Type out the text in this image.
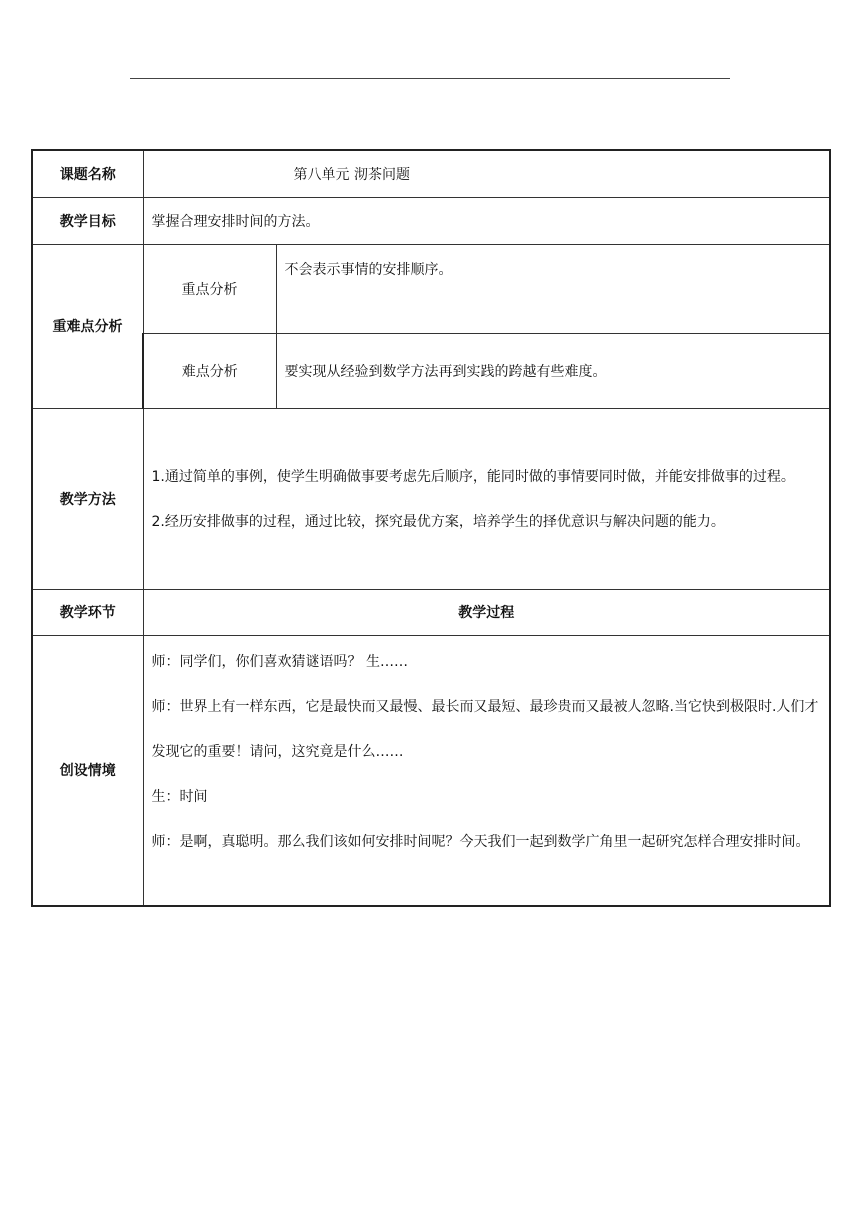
课题名称	第八单元 沏茶问题	

教学目标	掌握合理安排时间的方法。	
重难点分析	重点分析	不会表示事情的安排顺序。
	难点分析	要实现从经验到数学方法再到实践的跨越有些难度。
教学方法	1.通过简单的事例，使学生明确做事要考虑先后顺序，能同时做的事情要同时做，并能安排做事的过程。
2.经历安排做事的过程，通过比较，探究最优方案，培养学生的择优意识与解决问题的能力。	

教学环节	教学过程	
创设情境	师：同学们，你们喜欢猜谜语吗？ 生……
师：世界上有一样东西，它是最快而又最慢、最长而又最短、最珍贵而又最被人忽略.当它快到极限时.人们才发现它的重要！请问，这究竟是什么……
生：时间
师：是啊，真聪明。那么我们该如何安排时间呢？今天我们一起到数学广角里一起研究怎样合理安排时间。	
